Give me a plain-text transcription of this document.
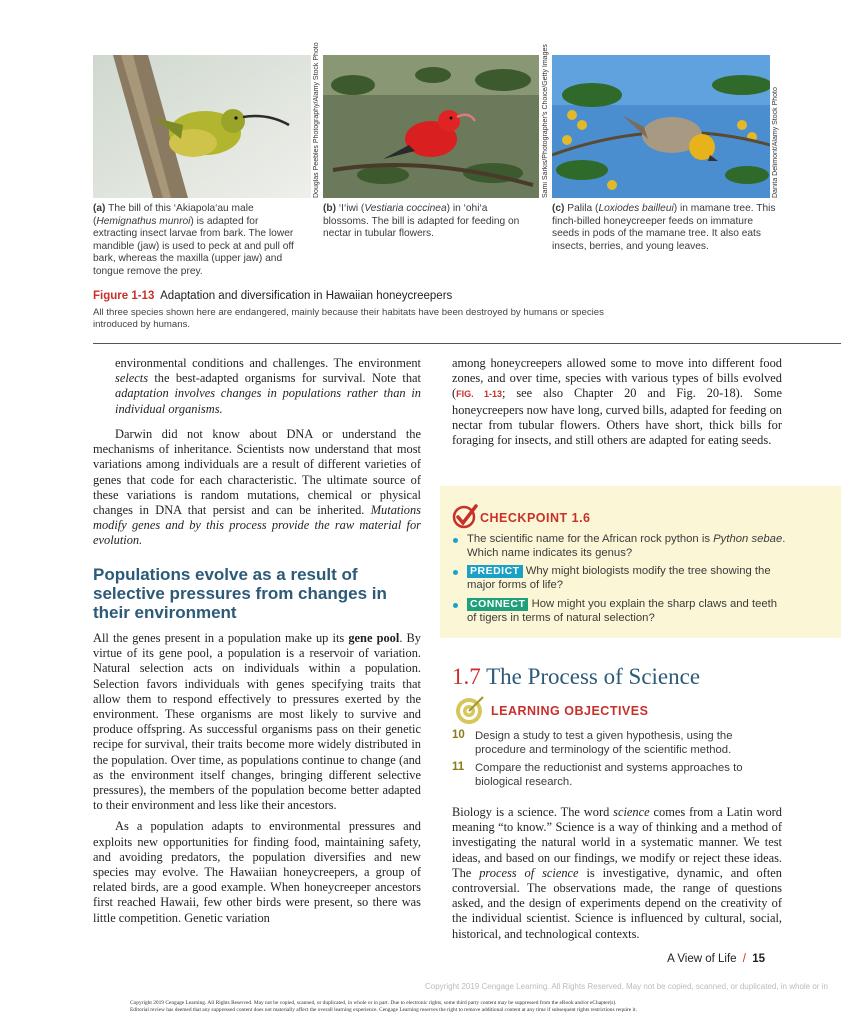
Douglas Peebles Photography/Alamy Stock Photo	Sami Sarkis/Photographer's Choice/Getty Images	Danita Delimont/Alamy Stock Photo
(a) The bill of this ‘Akiapola‘au male (Hemignathus munroi) is adapted for extracting insect larvae from bark. The lower mandible (jaw) is used to peck at and pull off bark, whereas the maxilla (upper jaw) and tongue remove the prey.
(b) ‘I‘iwi (Vestiaria coccinea) in ‘ohi‘a blossoms. The bill is adapted for feeding on nectar in tubular flowers.
(c) Palila (Loxiodes bailleui) in mamane tree. This finch-billed honeycreeper feeds on immature seeds in pods of the mamane tree. It also eats insects, berries, and young leaves.
Figure 1-13 Adaptation and diversification in Hawaiian honeycreepers
All three species shown here are endangered, mainly because their habitats have been destroyed by humans or species introduced by humans.

environmental conditions and challenges. The environment selects the best-adapted organisms for survival. Note that adaptation involves changes in populations rather than in individual organisms.

Darwin did not know about DNA or understand the mechanisms of inheritance. Scientists now understand that most variations among individuals are a result of different varieties of genes that code for each characteristic. The ultimate source of these variations is random mutations, chemical or physical changes in DNA that persist and can be inherited. Mutations modify genes and by this process provide the raw material for evolution.

Populations evolve as a result of selective pressures from changes in their environment

All the genes present in a population make up its gene pool. By virtue of its gene pool, a population is a reservoir of variation. Natural selection acts on individuals within a population. Selection favors individuals with genes specifying traits that allow them to respond effectively to pressures exerted by the environment. These organisms are most likely to survive and produce offspring. As successful organisms pass on their genetic recipe for survival, their traits become more widely distributed in the population. Over time, as populations continue to change (and as the environment itself changes, bringing different selective pressures), the members of the population become better adapted to their environment and less like their ancestors.

As a population adapts to environmental pressures and exploits new opportunities for finding food, maintaining safety, and avoiding predators, the population diversifies and new species may evolve. The Hawaiian honeycreepers, a group of related birds, are a good example. When honeycreeper ancestors first reached Hawaii, few other birds were present, so there was little competition. Genetic variation

among honeycreepers allowed some to move into different food zones, and over time, species with various types of bills evolved (FIG. 1-13; see also Chapter 20 and Fig. 20-18). Some honeycreepers now have long, curved bills, adapted for feeding on nectar from tubular flowers. Others have short, thick bills for foraging for insects, and still others are adapted for eating seeds.

CHECKPOINT 1.6
The scientific name for the African rock python is Python sebae. Which name indicates its genus?
PREDICT Why might biologists modify the tree showing the major forms of life?
CONNECT How might you explain the sharp claws and teeth of tigers in terms of natural selection?
1.7 The Process of Science
LEARNING OBJECTIVES
10 Design a study to test a given hypothesis, using the procedure and terminology of the scientific method.
11 Compare the reductionist and systems approaches to biological research.

Biology is a science. The word science comes from a Latin word meaning “to know.” Science is a way of thinking and a method of investigating the natural world in a systematic manner. We test ideas, and based on our findings, we modify or reject these ideas. The process of science is investigative, dynamic, and often controversial. The observations made, the range of questions asked, and the design of experiments depend on the creativity of the individual scientist. Science is influenced by cultural, social, historical, and technological contexts.

A View of Life / 15
Copyright 2019 Cengage Learning. All Rights Reserved. May not be copied, scanned, or duplicated, in whole or in
Copyright 2019 Cengage Learning. All Rights Reserved. May not be copied, scanned, or duplicated, in whole or in part. Due to electronic rights, some third party content may be suppressed from the eBook and/or eChapter(s).
Editorial review has deemed that any suppressed content does not materially affect the overall learning experience. Cengage Learning reserves the right to remove additional content at any time if subsequent rights restrictions require it.
